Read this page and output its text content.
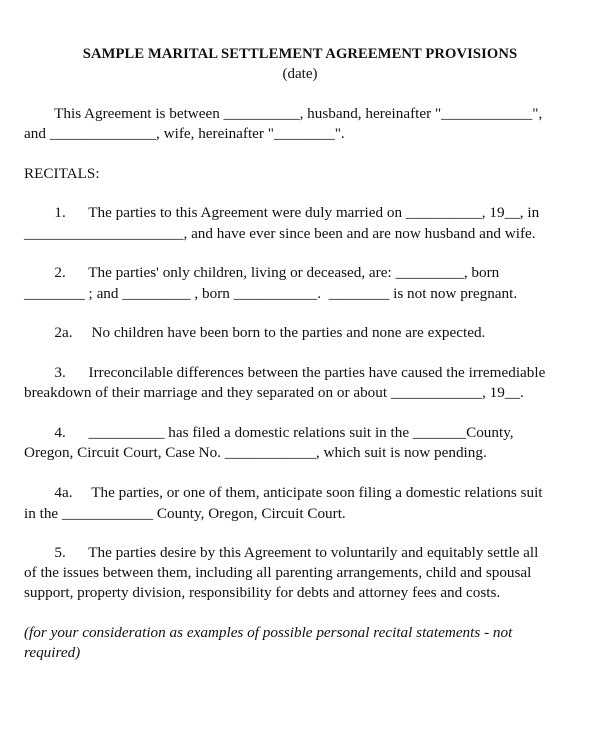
SAMPLE MARITAL SETTLEMENT AGREEMENT PROVISIONS
(date)
This Agreement is between __________, husband, hereinafter "____________",
and ______________, wife, hereinafter "________".
RECITALS:
1.      The parties to this Agreement were duly married on __________, 19__, in
_____________________, and have ever since been and are now husband and wife.
2.      The parties' only children, living or deceased, are: _________, born
________ ; and _________ , born ___________.  ________ is not now pregnant.
2a.     No children have been born to the parties and none are expected.
3.      Irreconcilable differences between the parties have caused the irremediable
breakdown of their marriage and they separated on or about ____________, 19__.
4.      __________ has filed a domestic relations suit in the _______County,
Oregon, Circuit Court, Case No. ____________, which suit is now pending.
4a.     The parties, or one of them, anticipate soon filing a domestic relations suit
in the ____________ County, Oregon, Circuit Court.
5.      The parties desire by this Agreement to voluntarily and equitably settle all
of the issues between them, including all parenting arrangements, child and spousal
support, property division, responsibility for debts and attorney fees and costs.
(for your consideration as examples of possible personal recital statements - not
required)
